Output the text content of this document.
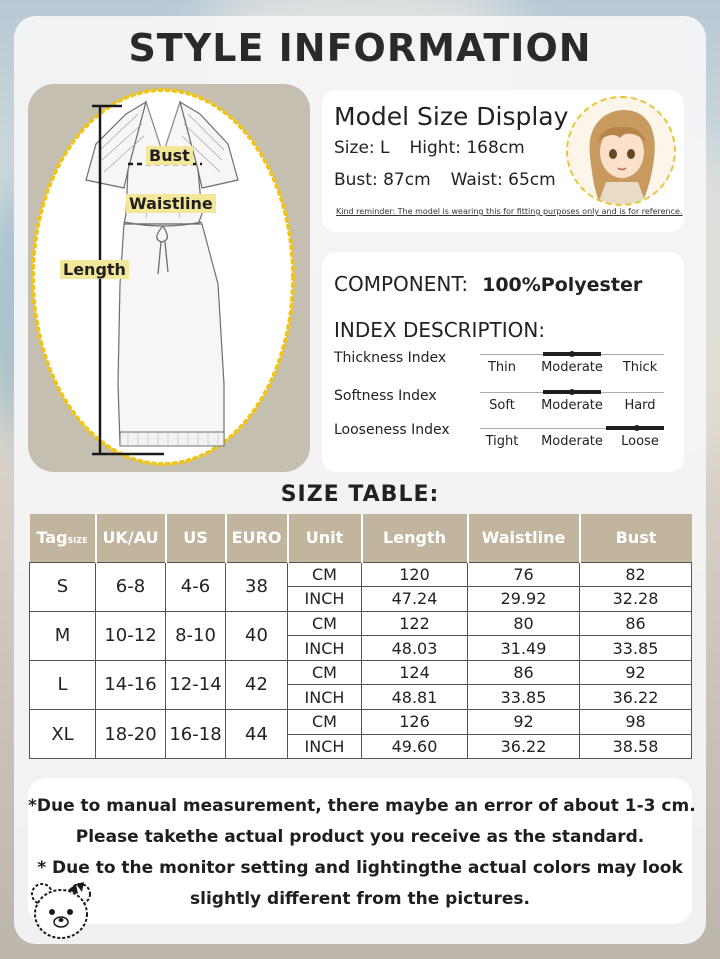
STYLE INFORMATION
Bust
Waistline
Length
Model Size Display
Size: L Hight: 168cm
Bust: 87cm Waist: 65cm
Kind reminder: The model is wearing this for fitting purposes only and is for reference.
COMPONENT: 100%Polyester
INDEX DESCRIPTION:
Thickness Index
Thin	Moderate	Thick
Softness Index
Soft	Moderate	Hard
Looseness Index
Tight	Moderate	Loose
SIZE TABLE:
TagSIZE	UK/AU	US	EURO	Unit	Length	Waistline	Bust
S	6-8	4-6	38	CM	120	76	82
				INCH	47.24	29.92	32.28
M	10-12	8-10	40	CM	122	80	86
				INCH	48.03	31.49	33.85
L	14-16	12-14	42	CM	124	86	92
				INCH	48.81	33.85	36.22
XL	18-20	16-18	44	CM	126	92	98
				INCH	49.60	36.22	38.58
*Due to manual measurement, there maybe an error of about 1-3 cm.
Please takethe actual product you receive as the standard.
* Due to the monitor setting and lightingthe actual colors may look
slightly different from the pictures.
